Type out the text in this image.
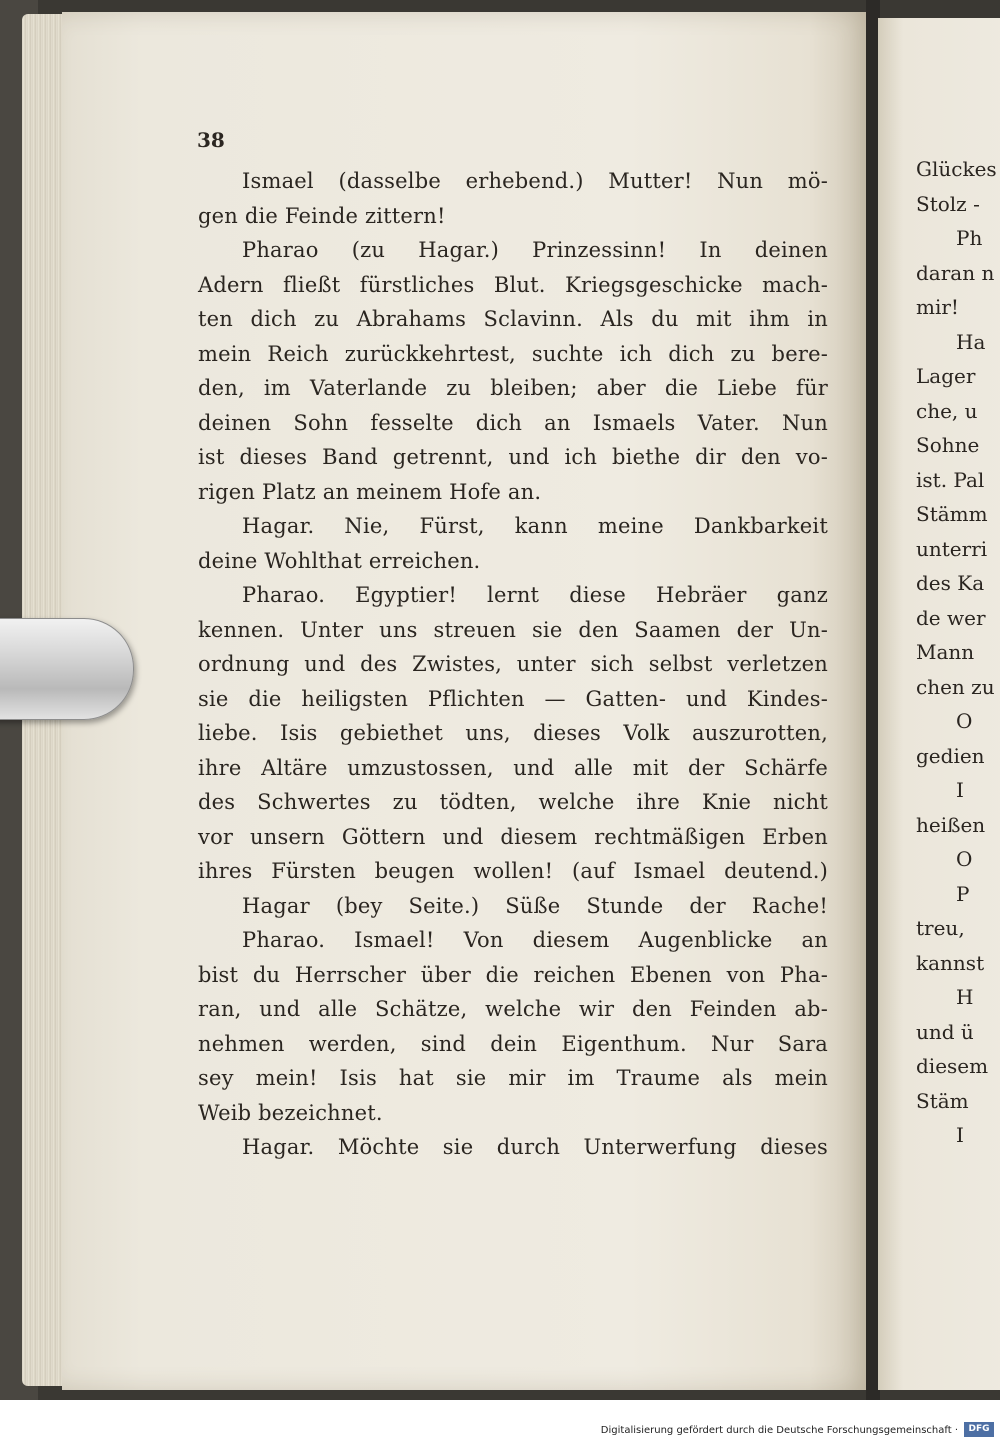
38
Ismael (dasselbe erhebend.) Mutter! Nun mö-
gen die Feinde zittern!
Pharao (zu Hagar.) Prinzessinn! In deinen
Adern fließt fürstliches Blut. Kriegsgeschicke mach-
ten dich zu Abrahams Sclavinn. Als du mit ihm in
mein Reich zurückkehrtest, suchte ich dich zu bere-
den, im Vaterlande zu bleiben; aber die Liebe für
deinen Sohn fesselte dich an Ismaels Vater. Nun
ist dieses Band getrennt, und ich biethe dir den vo-
rigen Platz an meinem Hofe an.
Hagar. Nie, Fürst, kann meine Dankbarkeit
deine Wohlthat erreichen.
Pharao. Egyptier! lernt diese Hebräer ganz
kennen. Unter uns streuen sie den Saamen der Un-
ordnung und des Zwistes, unter sich selbst verletzen
sie die heiligsten Pflichten — Gatten- und Kindes-
liebe. Isis gebiethet uns, dieses Volk auszurotten,
ihre Altäre umzustossen, und alle mit der Schärfe
des Schwertes zu tödten, welche ihre Knie nicht
vor unsern Göttern und diesem rechtmäßigen Erben
ihres Fürsten beugen wollen! (auf Ismael deutend.)
Hagar (bey Seite.) Süße Stunde der Rache!
Pharao. Ismael! Von diesem Augenblicke an
bist du Herrscher über die reichen Ebenen von Pha-
ran, und alle Schätze, welche wir den Feinden ab-
nehmen werden, sind dein Eigenthum. Nur Sara
sey mein! Isis hat sie mir im Traume als mein
Weib bezeichnet.
Hagar. Möchte sie durch Unterwerfung dieses
Glückes
Stolz -
Ph
daran n
mir!
Ha
Lager
che, u
Sohne
ist. Pal
Stämm
unterri
des Ka
de wer
Mann
chen zu
O
gedien
I
heißen
O
P
treu,
kannst
H
und ü
diesem
Stäm
I
Digitalisierung gefördert durch die Deutsche Forschungsgemeinschaft ·	DFG
